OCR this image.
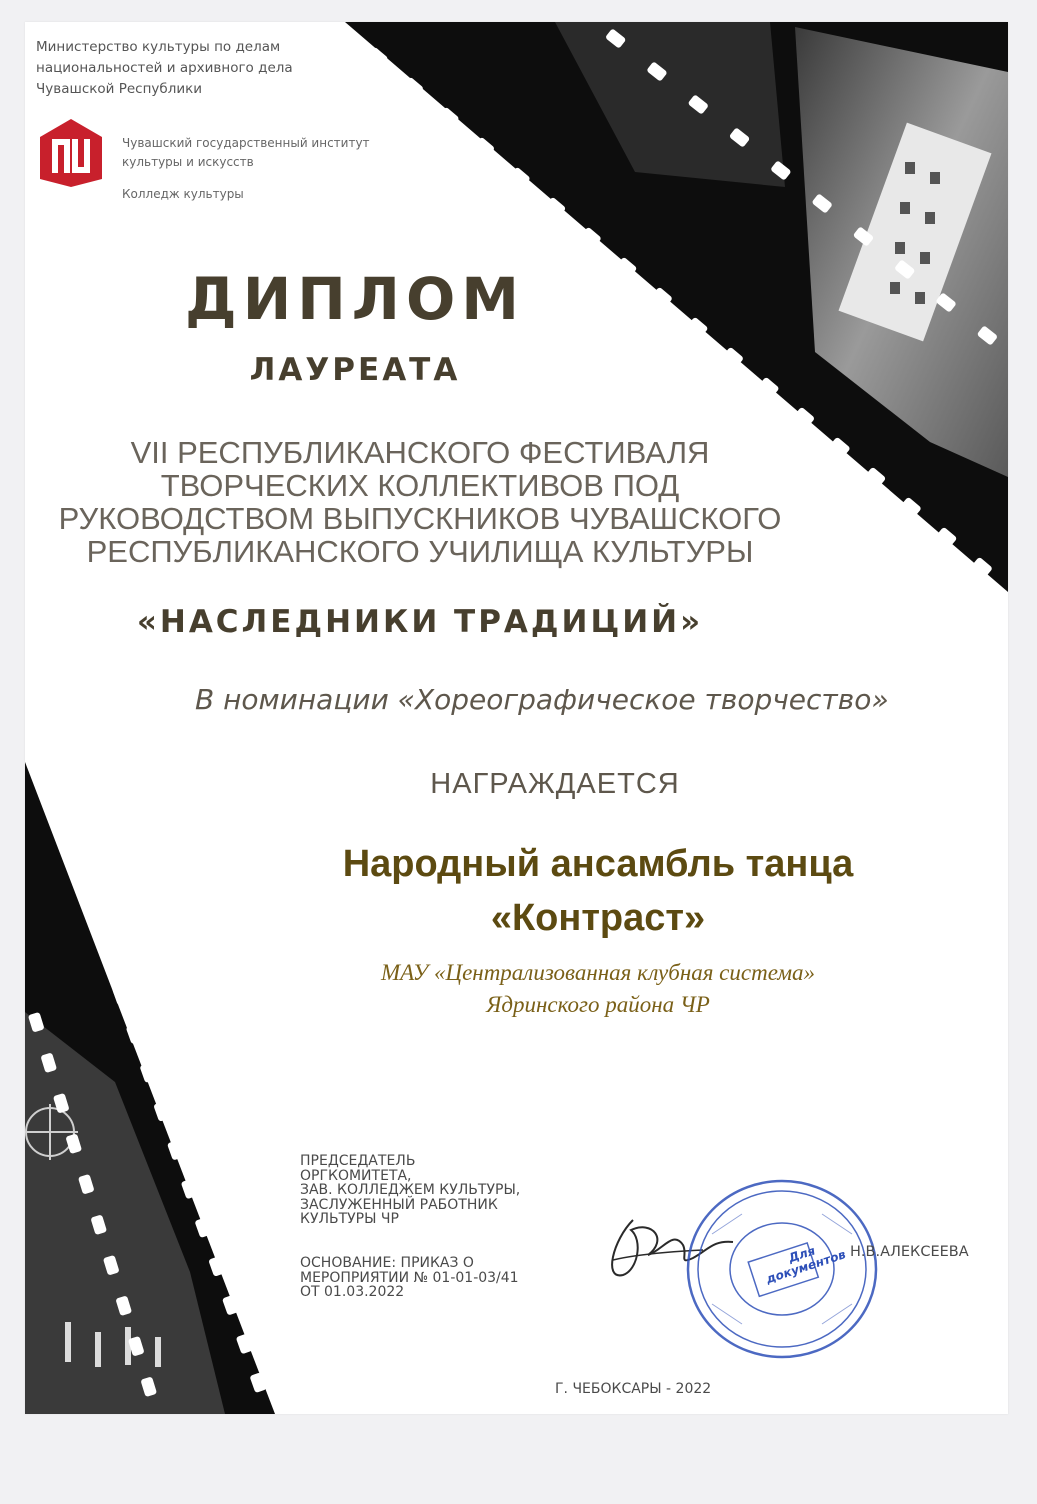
Министерство культуры по делам
национальностей и архивного дела
Чувашской Республики
Чувашский государственный институт
культуры и искусств
Колледж культуры
ДИПЛОМ
ЛАУРЕАТА
VII РЕСПУБЛИКАНСКОГО ФЕСТИВАЛЯ
ТВОРЧЕСКИХ КОЛЛЕКТИВОВ ПОД
РУКОВОДСТВОМ ВЫПУСКНИКОВ ЧУВАШСКОГО
РЕСПУБЛИКАНСКОГО УЧИЛИЩА КУЛЬТУРЫ
«НАСЛЕДНИКИ ТРАДИЦИЙ»
В номинации «Хореографическое творчество»
НАГРАЖДАЕТСЯ
Народный ансамбль танца
«Контраст»
МАУ «Централизованная клубная система»
Ядринского района ЧР
ПРЕДСЕДАТЕЛЬ
ОРГКОМИТЕТА,
ЗАВ. КОЛЛЕДЖЕМ КУЛЬТУРЫ,
ЗАСЛУЖЕННЫЙ РАБОТНИК
КУЛЬТУРЫ ЧР
ОСНОВАНИЕ: ПРИКАЗ О
МЕРОПРИЯТИИ № 01-01-03/41
ОТ 01.03.2022
Для документов Н.В.АЛЕКСЕЕВА
Г. ЧЕБОКСАРЫ - 2022
